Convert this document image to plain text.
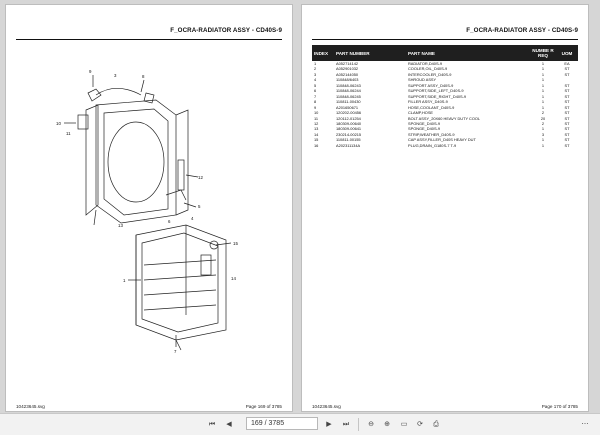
F_OCRA-RADIATOR ASSY - CD40S-9
9
8
3
10
11
12
13
5
4
6
15
14
1
7
10423645.svg	Page 169 of 3785
F_OCRA-RADIATOR ASSY - CD40S-9
INDEX	PART NUMBER	PART NAME	NUMBE R REQ	UOM
1	A052714142	RADIATOR,D40S-9	1	EA
2	A052901032	COOLER,OIL_D40S-9	1	ST
3	A052144050	INTERCOOLER_D40S-9	1	ST
4	110848/6403	SHROUD ASSY	1	
5	110848-06243	SUPPORT ASSY_D40S-9	1	ST
6	110848-06244	SUPPORT,SIDE_LEFT_D40S-9	1	ST
7	110848-06245	SUPPORT,SIDE_RIGHT_D40S-9	1	ST
8	110811-00430	FILLER ASSY_D40S-9	1	ST
9	A201650671	HOSE,COOLANT_D40S-9	1	ST
10	120202-00456	CLAMP,HOSE	2	ST
11	120112-01254	BOLT ASSY_20X60 HEAVY DUTY COOL	20	ST
12	180309-00640	SPONGE_D40S-9	2	ST
13	180309-00641	SPONGE_D40S-9	1	ST
14	230214-00215	STRIP,WEATHER_D40S-9	3	ST
15	110811-00155	CAP ASSY,FILLER_D40S HEAVY DUT	1	ST
16	A202311134A	PLUG,DRAIN_G180S-7 T-9	1	ST
10423645.svg	Page 170 of 3785
⏮	◀	169 / 3785	▶	⏭	⊖	⊕	▭	⟳	⎙	⋯
